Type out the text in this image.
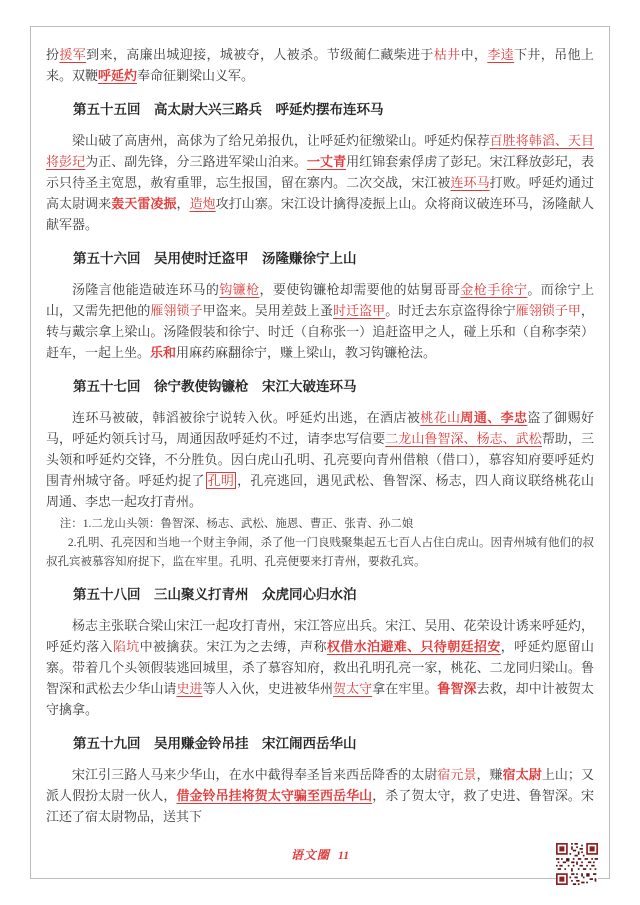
扮援军到来，高廉出城迎接，城被夺，人被杀。节级蔺仁藏柴进于枯井中，李逵下井，吊他上来。双鞭呼延灼奉命征剿梁山义军。

第五十五回　高太尉大兴三路兵　呼延灼摆布连环马

梁山破了高唐州，高俅为了给兄弟报仇，让呼延灼征缴梁山。呼延灼保荐百胜将韩滔、天目将彭玘为正、副先锋，分三路进军梁山泊来。一丈青用红锦套索俘虏了彭玘。宋江释放彭玘，表示只待圣主宽恩，赦宥重罪，忘生报国，留在寨内。二次交战，宋江被连环马打败。呼延灼通过高太尉调来轰天雷凌振，造炮攻打山寨。宋江设计擒得凌振上山。众将商议破连环马，汤隆献人献军器。

第五十六回　吴用使时迁盗甲　汤隆赚徐宁上山

汤隆言他能造破连环马的钩镰枪，要使钩镰枪却需要他的姑舅哥哥金枪手徐宁。而徐宁上山，又需先把他的雁翎锁子甲盗来。吴用差鼓上蚤时迁盗甲。时迁去东京盗得徐宁雁翎锁子甲，转与戴宗拿上梁山。汤隆假装和徐宁、时迁（自称张一）追赶盗甲之人，碰上乐和（自称李荣）赶车，一起上坐。乐和用麻药麻翻徐宁，赚上梁山，教习钩镰枪法。

第五十七回　徐宁教使钩镰枪　宋江大破连环马

连环马被破，韩滔被徐宁说转入伙。呼延灼出逃，在酒店被桃花山周通、李忠盗了御赐好马，呼延灼领兵讨马，周通因敌呼延灼不过，请李忠写信要二龙山鲁智深、杨志、武松帮助，三头领和呼延灼交锋，不分胜负。因白虎山孔明、孔亮要向青州借粮（借口），慕容知府要呼延灼围青州城守备。呼延灼捉了 孔明 ，孔亮逃回，遇见武松、鲁智深、杨志，四人商议联络桃花山周通、李忠一起攻打青州。

注：1.二龙山头领：鲁智深、杨志、武松、施恩、曹正、张青、孙二娘

2.孔明、孔亮因和当地一个财主争闹，杀了他一门良贱聚集起五七百人占住白虎山。因青州城有他们的叔叔孔宾被慕容知府捉下，监在牢里。孔明、孔亮便要来打青州，要救孔宾。

第五十八回　三山聚义打青州　众虎同心归水泊

杨志主张联合梁山宋江一起攻打青州，宋江答应出兵。宋江、吴用、花荣设计诱来呼延灼，呼延灼落入陷坑中被擒获。宋江为之去缚，声称权借水泊避难、只待朝廷招安，呼延灼愿留山寨。带着几个头领假装逃回城里，杀了慕容知府，救出孔明孔亮一家，桃花、二龙同归梁山。鲁智深和武松去少华山请史进等人入伙，史进被华州贺太守拿在牢里。鲁智深去救，却中计被贺太守擒拿。

第五十九回　吴用赚金铃吊挂　宋江闹西岳华山

宋江引三路人马来少华山，在水中截得奉圣旨来西岳降香的太尉宿元景，赚宿太尉上山；又派人假扮太尉一伙人，借金铃吊挂将贺太守骗至西岳华山，杀了贺太守，救了史进、鲁智深。宋江还了宿太尉物品，送其下

语文圈 11
